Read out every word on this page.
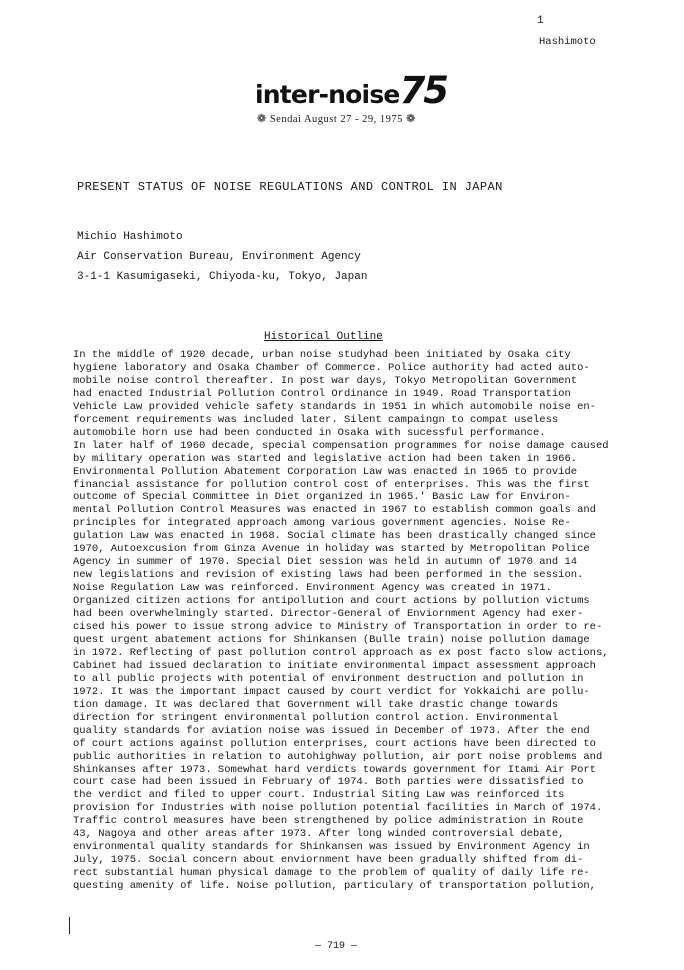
1
Hashimoto
inter-noise75
❁ Sendai August 27 - 29, 1975 ❁
PRESENT STATUS OF NOISE REGULATIONS AND CONTROL IN JAPAN
Michio Hashimoto
Air Conservation Bureau, Environment Agency
3-1-1 Kasumigaseki, Chiyoda-ku, Tokyo, Japan
Historical Outline
In the middle of 1920 decade, urban noise studyhad been initiated by Osaka city
hygiene laboratory and Osaka Chamber of Commerce. Police authority had acted auto-
mobile noise control thereafter. In post war days, Tokyo Metropolitan Government
had enacted Industrial Pollution Control Ordinance in 1949. Road Transportation
Vehicle Law provided vehicle safety standards in 1951 in which automobile noise en-
forcement requirements was included later. Silent campaingn to compat useless
automobile horn use had been conducted in Osaka with sucessful performance.
In later half of 1960 decade, special compensation programmes for noise damage caused
by military operation was started and legislative action had been taken in 1966.
Environmental Pollution Abatement Corporation Law was enacted in 1965 to provide
financial assistance for pollution control cost of enterprises. This was the first
outcome of Special Committee in Diet organized in 1965.' Basic Law for Environ-
mental Pollution Control Measures was enacted in 1967 to establish common goals and
principles for integrated approach among various government agencies. Noise Re-
gulation Law was enacted in 1968. Social climate has been drastically changed since
1970, Autoexcusion from Ginza Avenue in holiday was started by Metropolitan Police
Agency in summer of 1970. Special Diet session was held in autumn of 1970 and 14
new legislations and revision of existing laws had been performed in the session.
Noise Regulation Law was reinforced. Environment Agency was created in 1971.
Organized citizen actions for antipollution and court actions by pollution victums
had been overwhelmingly started. Director-General of Enviornment Agency had exer-
cised his power to issue strong advice to Ministry of Transportation in order to re-
quest urgent abatement actions for Shinkansen (Bulle train) noise pollution damage
in 1972. Reflecting of past pollution control approach as ex post facto slow actions,
Cabinet had issued declaration to initiate environmental impact assessment approach
to all public projects with potential of environment destruction and pollution in
1972. It was the important impact caused by court verdict for Yokkaichi are pollu-
tion damage. It was declared that Government will take drastic change towards
direction for stringent environmental pollution control action. Environmental
quality standards for aviation noise was issued in December of 1973. After the end
of court actions against pollution enterprises, court actions have been directed to
public authorities in relation to autohighway pollution, air port noise problems and
Shinkanses after 1973. Somewhat hard verdicts towards government for Itami Air Port
court case had been issued in February of 1974. Both parties were dissatisfied to
the verdict and filed to upper court. Industrial Siting Law was reinforced its
provision for Industries with noise pollution potential facilities in March of 1974.
Traffic control measures have been strengthened by police administration in Route
43, Nagoya and other areas after 1973. After long winded controversial debate,
environmental quality standards for Shinkansen was issued by Environment Agency in
July, 1975. Social concern about enviornment have been gradually shifted from di-
rect substantial human physical damage to the problem of quality of daily life re-
questing amenity of life. Noise pollution, particulary of transportation pollution,
— 719 —
